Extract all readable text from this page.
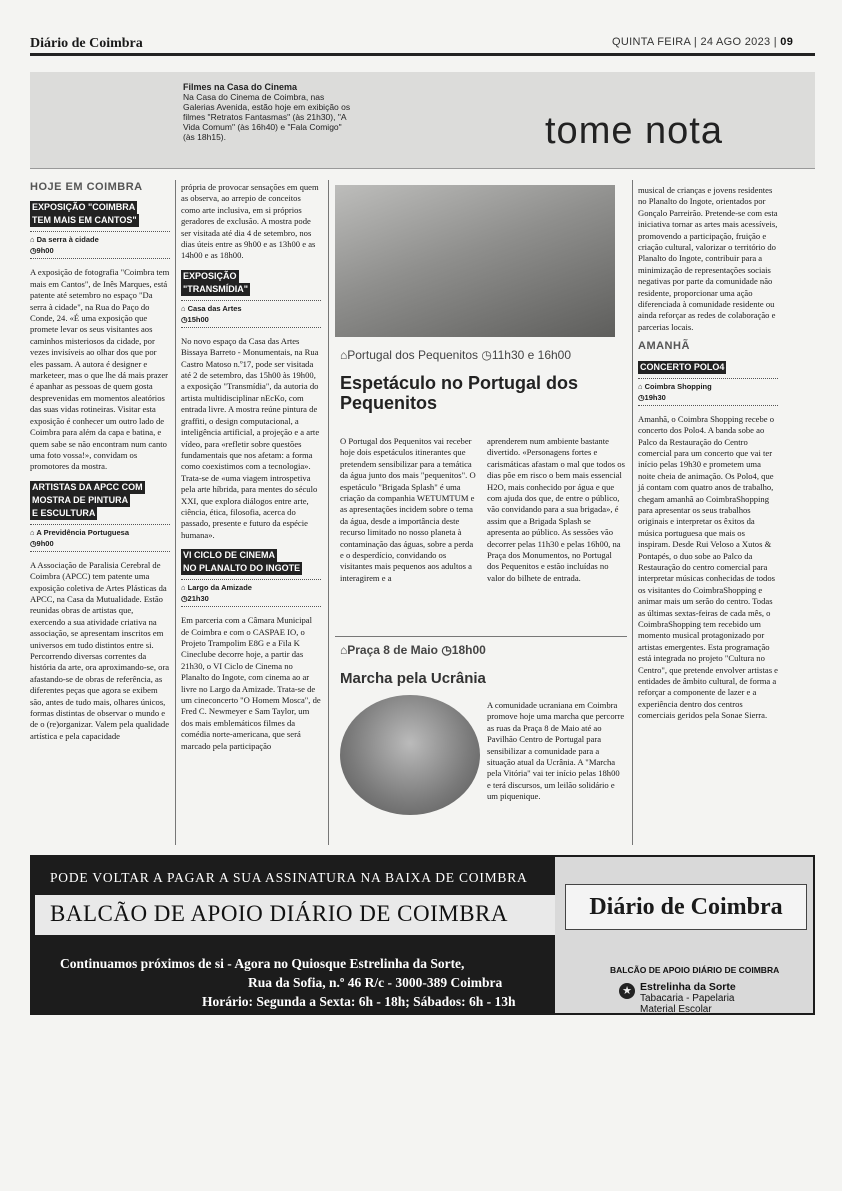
Diário de Coimbra	QUINTA FEIRA | 24 AGO 2023 | 09
Filmes na Casa do Cinema
Na Casa do Cinema de Coimbra, nas Galerias Avenida, estão hoje em exibição os filmes "Retratos Fantasmas" (às 21h30), "A Vida Comum" (às 16h40) e "Fala Comigo" (às 18h15).	tome nota
HOJE EM COIMBRA
EXPOSIÇÃO "COIMBRA
TEM MAIS EM CANTOS"
⌂ Da serra à cidade
◷9h00
A exposição de fotografia "Coimbra tem mais em Cantos", de Inês Marques, está patente até setembro no espaço "Da serra à cidade", na Rua do Paço do Conde, 24. «É uma exposição que promete levar os seus visitantes aos caminhos misteriosos da cidade, por vezes invisíveis ao olhar dos que por eles passam. A autora é designer e marketeer, mas o que lhe dá mais prazer é apanhar as pessoas de quem gosta desprevenidas em momentos aleatórios das suas vidas rotineiras. Visitar esta exposição é conhecer um outro lado de Coimbra para além da capa e batina, e quem sabe se não encontram num canto uma foto vossa!», convidam os promotores da mostra.
ARTISTAS DA APCC COM
MOSTRA DE PINTURA
E ESCULTURA
⌂ A Previdência Portuguesa
◷9h00
A Associação de Paralisia Cerebral de Coimbra (APCC) tem patente uma exposição coletiva de Artes Plásticas da APCC, na Casa da Mutualidade. Estão reunidas obras de artistas que, exercendo a sua atividade criativa na associação, se apresentam inscritos em universos em tudo distintos entre si. Percorrendo diversas correntes da história da arte, ora aproximando-se, ora afastando-se de obras de referência, as diferentes peças que agora se exibem são, antes de tudo mais, olhares únicos, formas distintas de observar o mundo e de o (re)organizar. Valem pela qualidade artística e pela capacidade
própria de provocar sensações em quem as observa, ao arrepio de conceitos como arte inclusiva, em si próprios geradores de exclusão. A mostra pode ser visitada até dia 4 de setembro, nos dias úteis entre as 9h00 e as 13h00 e as 14h00 e as 18h00.
EXPOSIÇÃO
"TRANSMÍDIA"
⌂ Casa das Artes
◷15h00
No novo espaço da Casa das Artes Bissaya Barreto - Monumentais, na Rua Castro Matoso n.º17, pode ser visitada até 2 de setembro, das 15h00 às 19h00, a exposição "Transmídia", da autoria do artista multidisciplinar nEcKo, com entrada livre. A mostra reúne pintura de graffiti, o design computacional, a inteligência artificial, a projeção e a arte vídeo, para «refletir sobre questões fundamentais que nos afetam: a forma como coexistimos com a tecnologia». Trata-se de «uma viagem introspetiva pela arte híbrida, para mentes do século XXI, que explora diálogos entre arte, ciência, ética, filosofia, acerca do passado, presente e futuro da espécie humana».
VI CICLO DE CINEMA
NO PLANALTO DO INGOTE
⌂ Largo da Amizade
◷21h30
Em parceria com a Câmara Municipal de Coimbra e com o CASPAE IO, o Projeto Trampolim E8G e a Fila K Cineclube decorre hoje, a partir das 21h30, o VI Ciclo de Cinema no Planalto do Ingote, com cinema ao ar livre no Largo da Amizade. Trata-se de um cineconcerto "O Homem Mosca", de Fred C. Newmeyer e Sam Taylor, um dos mais emblemáticos filmes da comédia norte-americana, que será marcado pela participação
⌂Portugal dos Pequenitos ◷11h30 e 16h00
Espetáculo no Portugal dos Pequenitos
O Portugal dos Pequenitos vai receber hoje dois espetáculos itinerantes que pretendem sensibilizar para a temática da água junto dos mais "pequenitos". O espetáculo "Brigada Splash" é uma criação da companhia WETUMTUM e as apresentações incidem sobre o tema da água, desde a importância deste recurso limitado no nosso planeta à contaminação das águas, sobre a perda e o desperdício, convidando os visitantes mais pequenos aos adultos a interagirem e a
aprenderem num ambiente bastante divertido. «Personagens fortes e carismáticas afastam o mal que todos os dias põe em risco o bem mais essencial H2O, mais conhecido por água e que com ajuda dos que, de entre o público, vão convidando para a sua brigada», é assim que a Brigada Splash se apresenta ao público. As sessões vão decorrer pelas 11h30 e pelas 16h00, na Praça dos Monumentos, no Portugal dos Pequenitos e estão incluídas no valor do bilhete de entrada.
⌂Praça 8 de Maio ◷18h00
Marcha pela Ucrânia
A comunidade ucraniana em Coimbra promove hoje uma marcha que percorre as ruas da Praça 8 de Maio até ao Pavilhão Centro de Portugal para sensibilizar a comunidade para a situação atual da Ucrânia. A "Marcha pela Vitória" vai ter início pelas 18h00 e terá discursos, um leilão solidário e um piquenique.
musical de crianças e jovens residentes no Planalto do Ingote, orientados por Gonçalo Parreirão. Pretende-se com esta iniciativa tornar as artes mais acessíveis, promovendo a participação, fruição e criação cultural, valorizar o território do Planalto do Ingote, contribuir para a minimização de representações sociais negativas por parte da comunidade não residente, proporcionar uma ação diferenciada à comunidade residente ou ainda reforçar as redes de colaboração e parcerias locais.
AMANHÃ
CONCERTO POLO4
⌂ Coimbra Shopping
◷19h30
Amanhã, o Coimbra Shopping recebe o concerto dos Polo4. A banda sobe ao Palco da Restauração do Centro comercial para um concerto que vai ter início pelas 19h30 e prometem uma noite cheia de animação. Os Polo4, que já contam com quatro anos de trabalho, chegam amanhã ao CoimbraShopping para apresentar os seus trabalhos originais e interpretar os êxitos da música portuguesa que mais os inspiram. Desde Rui Veloso a Xutos & Pontapés, o duo sobe ao Palco da Restauração do centro comercial para interpretar músicas conhecidas de todos os visitantes do CoimbraShopping e animar mais um serão do centro. Todas as últimas sextas-feiras de cada mês, o CoimbraShopping tem recebido um momento musical protagonizado por artistas emergentes. Esta programação está integrada no projeto "Cultura no Centro", que pretende envolver artistas e entidades de âmbito cultural, de forma a reforçar a componente de lazer e a experiência dentro dos centros comerciais geridos pela Sonae Sierra.
PODE VOLTAR A PAGAR A SUA ASSINATURA NA BAIXA DE COIMBRA
BALCÃO DE APOIO DIÁRIO DE COIMBRA
Continuamos próximos de si - Agora no Quiosque Estrelinha da Sorte,
Rua da Sofia, n.º 46 R/c - 3000-389 Coimbra
Horário: Segunda a Sexta: 6h - 18h; Sábados: 6h - 13h
Diário de Coimbra
BALCÃO DE APOIO DIÁRIO DE COIMBRA
★ Estrelinha da Sorte
Tabacaria - Papelaria
Material Escolar
